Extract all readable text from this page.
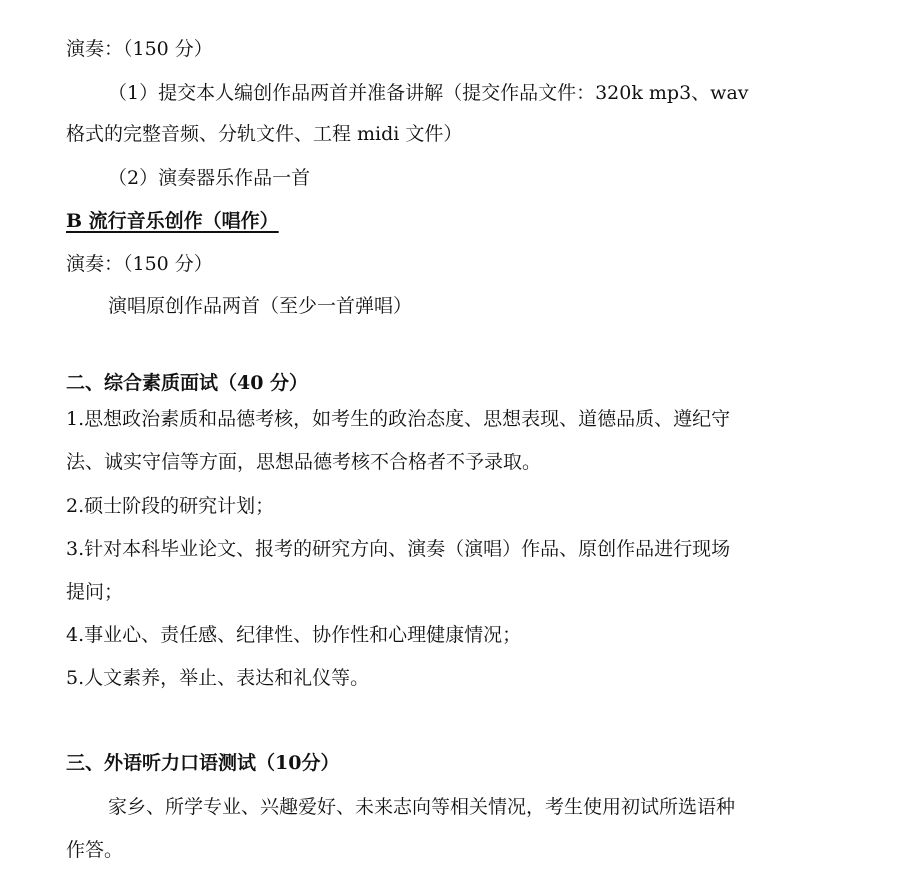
演奏：（150 分）
（1）提交本人编创作品两首并准备讲解（提交作品文件：320k mp3、wav
格式的完整音频、分轨文件、工程 midi 文件）
（2）演奏器乐作品一首
B 流行音乐创作（唱作）
演奏：（150 分）
演唱原创作品两首（至少一首弹唱）
二、综合素质面试（40 分）
1.思想政治素质和品德考核，如考生的政治态度、思想表现、道德品质、遵纪守
法、诚实守信等方面，思想品德考核不合格者不予录取。
2.硕士阶段的研究计划；
3.针对本科毕业论文、报考的研究方向、演奏（演唱）作品、原创作品进行现场
提问；
4.事业心、责任感、纪律性、协作性和心理健康情况；
5.人文素养，举止、表达和礼仪等。
三、外语听力口语测试（10分）
家乡、所学专业、兴趣爱好、未来志向等相关情况，考生使用初试所选语种
作答。
